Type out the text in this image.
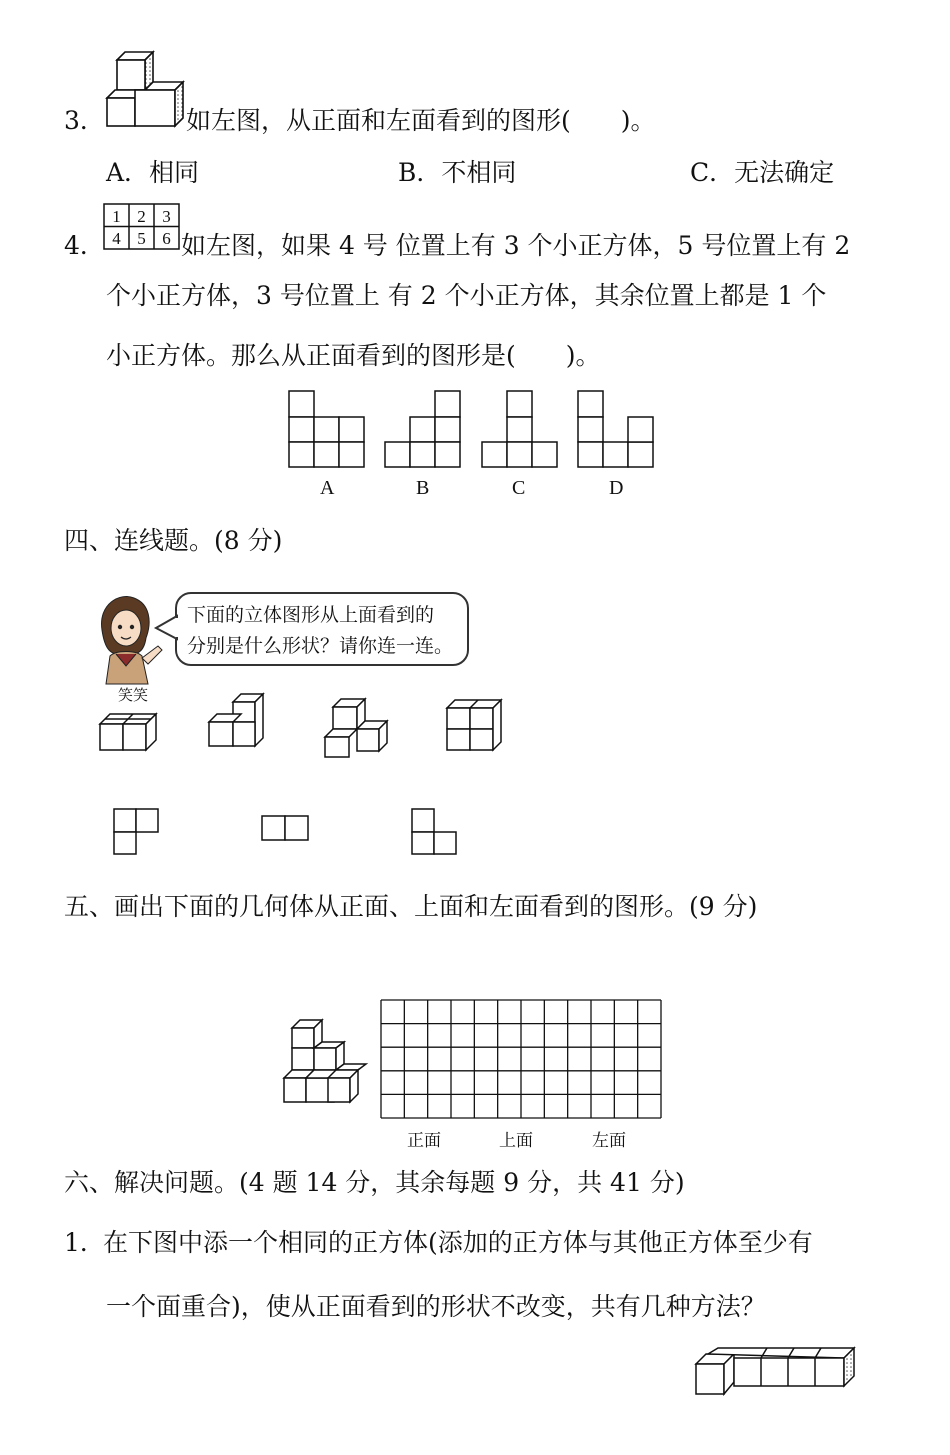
3．	如左图，从正面和左面看到的图形(　　)。
A．相同	B．不相同	C．无法确定
4．
1 2 3
4 5 6 如左图，如果 4 号 位置上有 3 个小正方体，5 号位置上有 2
个小正方体，3 号位置上 有 2 个小正方体，其余位置上都是 1 个
小正方体。那么从正面看到的图形是(　　)。
A	B	C	D
四、连线题。(8 分)
笑笑
下面的立体图形从上面看到的
分别是什么形状？请你连一连。
五、画出下面的几何体从正面、上面和左面看到的图形。(9 分)
正面	上面	左面
六、解决问题。(4 题 14 分，其余每题 9 分，共 41 分)
1．
在下图中添一个相同的正方体(添加的正方体与其他正方体至少有
一个面重合)，使从正面看到的形状不改变，共有几种方法？
